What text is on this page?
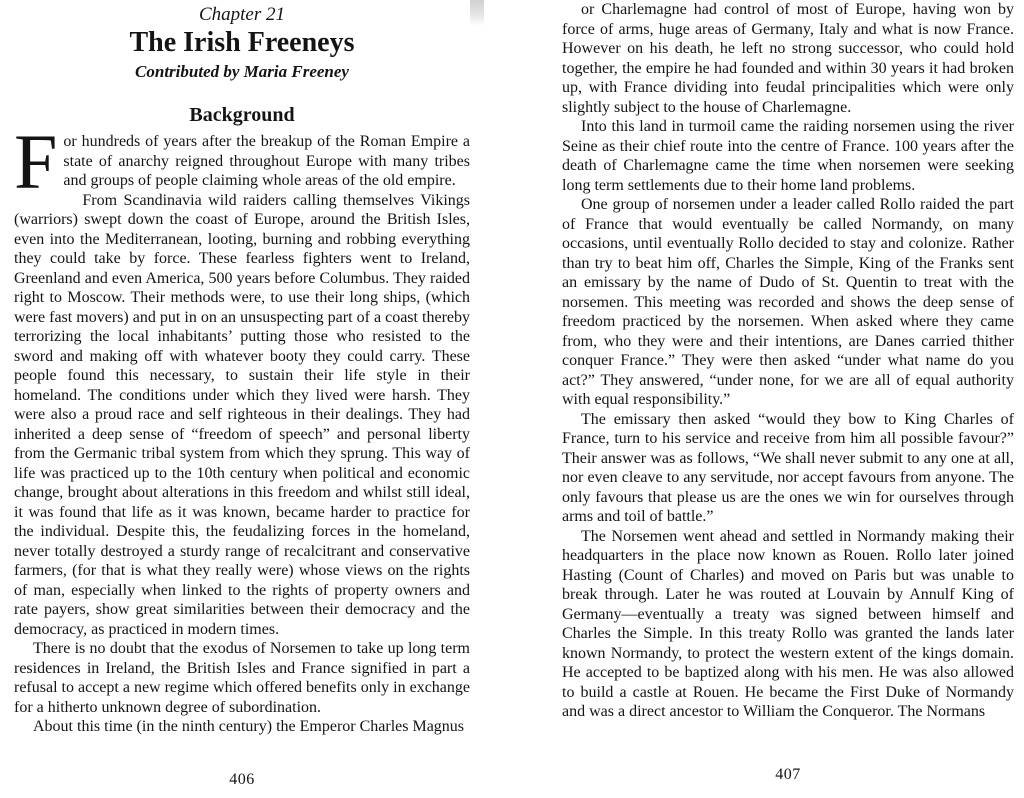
Chapter 21

The Irish Freeneys

Contributed by Maria Freeney

Background

For hundreds of years after the breakup of the Roman Empire a state of anarchy reigned throughout Europe with many tribes and groups of people claiming whole areas of the old empire.

From Scandinavia wild raiders calling themselves Vikings (warriors) swept down the coast of Europe, around the British Isles, even into the Mediterranean, looting, burning and robbing everything they could take by force. These fearless fighters went to Ireland, Greenland and even America, 500 years before Columbus. They raided right to Moscow. Their methods were, to use their long ships, (which were fast movers) and put in on an unsuspecting part of a coast thereby terrorizing the local inhabitants’ putting those who resisted to the sword and making off with whatever booty they could carry. These people found this necessary, to sustain their life style in their homeland. The conditions under which they lived were harsh. They were also a proud race and self righteous in their dealings. They had inherited a deep sense of “freedom of speech” and personal liberty from the Germanic tribal system from which they sprung. This way of life was practiced up to the 10th century when political and economic change, brought about alterations in this freedom and whilst still ideal, it was found that life as it was known, became harder to practice for the individual. Despite this, the feudalizing forces in the homeland, never totally destroyed a sturdy range of recalcitrant and conservative farmers, (for that is what they really were) whose views on the rights of man, especially when linked to the rights of property owners and rate payers, show great similarities between their democracy and the democracy, as practiced in modern times.

There is no doubt that the exodus of Norsemen to take up long term residences in Ireland, the British Isles and France signified in part a refusal to accept a new regime which offered benefits only in exchange for a hitherto unknown degree of subordination.

About this time (in the ninth century) the Emperor Charles Magnus

or Charlemagne had control of most of Europe, having won by force of arms, huge areas of Germany, Italy and what is now France. However on his death, he left no strong successor, who could hold together, the empire he had founded and within 30 years it had broken up, with France dividing into feudal principalities which were only slightly subject to the house of Charlemagne.

Into this land in turmoil came the raiding norsemen using the river Seine as their chief route into the centre of France. 100 years after the death of Charlemagne came the time when norsemen were seeking long term settlements due to their home land problems.

One group of norsemen under a leader called Rollo raided the part of France that would eventually be called Normandy, on many occasions, until eventually Rollo decided to stay and colonize. Rather than try to beat him off, Charles the Simple, King of the Franks sent an emissary by the name of Dudo of St. Quentin to treat with the norsemen. This meeting was recorded and shows the deep sense of freedom practiced by the norsemen. When asked where they came from, who they were and their intentions, are Danes carried thither conquer France.” They were then asked “under what name do you act?” They answered, “under none, for we are all of equal authority with equal responsibility.”

The emissary then asked “would they bow to King Charles of France, turn to his service and receive from him all possible favour?” Their answer was as follows, “We shall never submit to any one at all, nor even cleave to any servitude, nor accept favours from anyone. The only favours that please us are the ones we win for ourselves through arms and toil of battle.”

The Norsemen went ahead and settled in Normandy making their headquarters in the place now known as Rouen. Rollo later joined Hasting (Count of Charles) and moved on Paris but was unable to break through. Later he was routed at Louvain by Annulf King of Germany—eventually a treaty was signed between himself and Charles the Simple. In this treaty Rollo was granted the lands later known Normandy, to protect the western extent of the kings domain. He accepted to be baptized along with his men. He was also allowed to build a castle at Rouen. He became the First Duke of Normandy and was a direct ancestor to William the Conqueror. The Normans

406	407
